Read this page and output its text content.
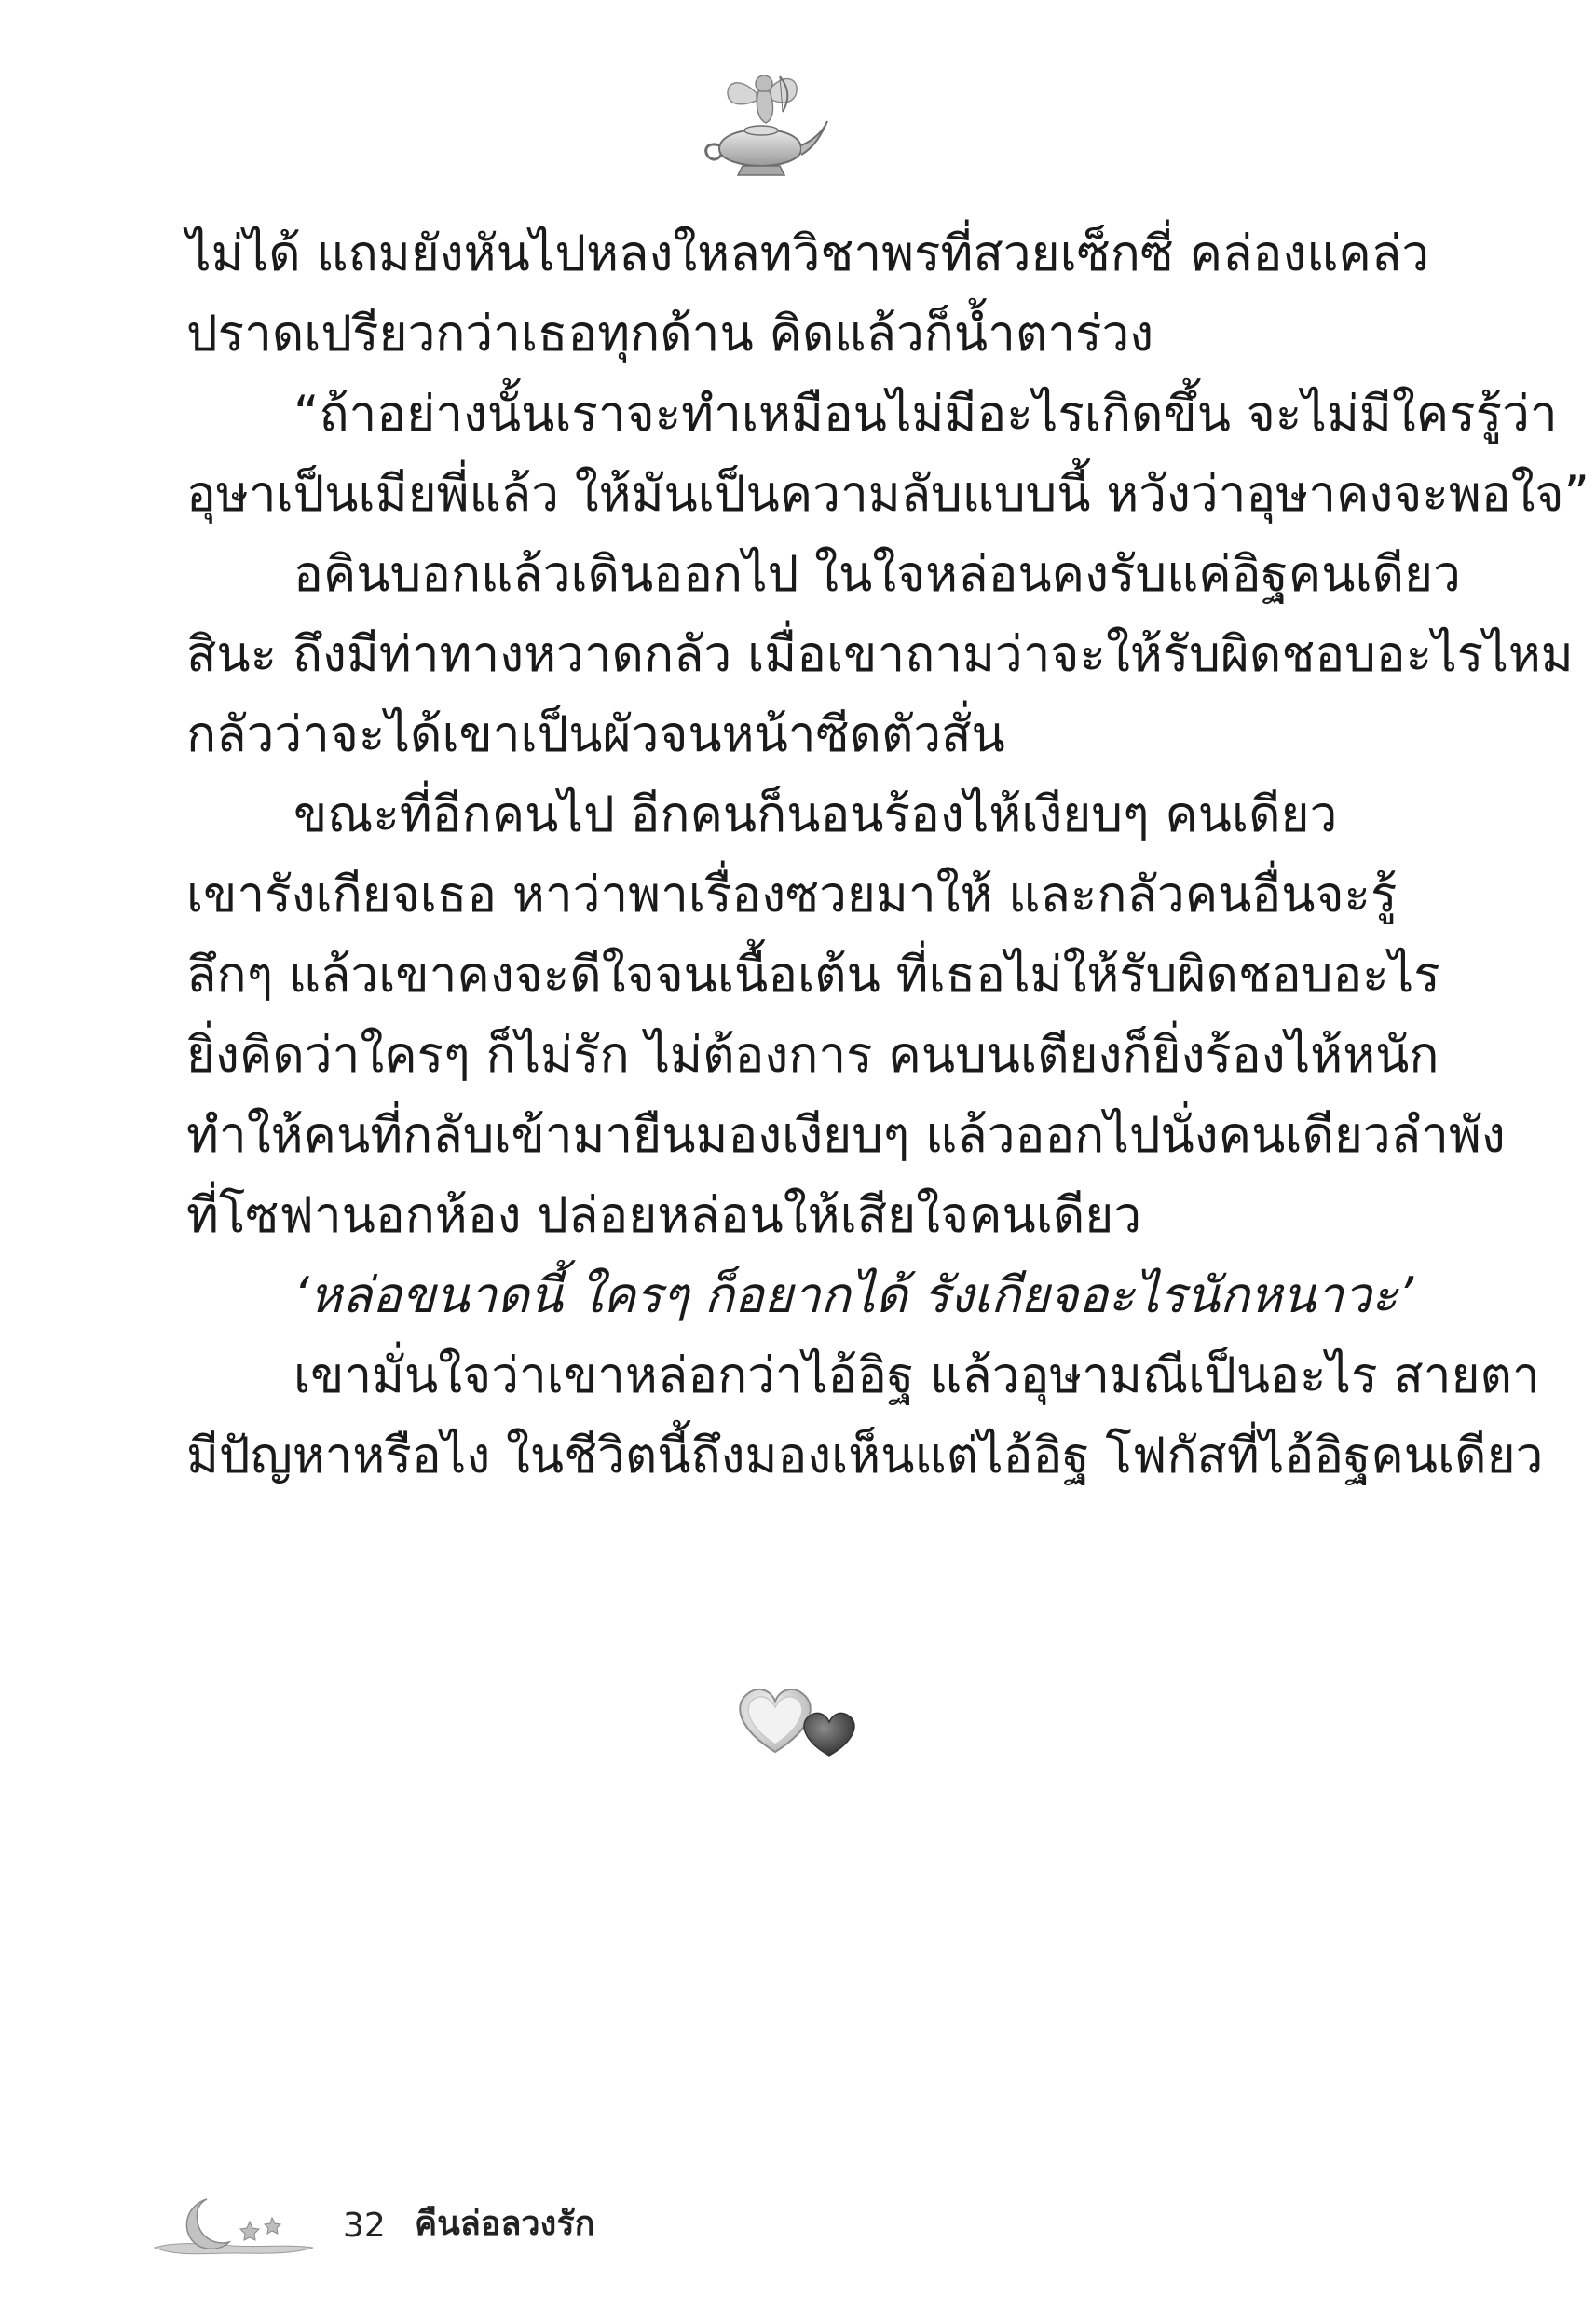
ไม่ได้ แถมยังหันไปหลงใหลทวิชาพรที่สวยเซ็กซี่ คล่องแคล่ว
ปราดเปรียวกว่าเธอทุกด้าน คิดแล้วก็น้ำตาร่วง
“ถ้าอย่างนั้นเราจะทำเหมือนไม่มีอะไรเกิดขึ้น จะไม่มีใครรู้ว่า
อุษาเป็นเมียพี่แล้ว ให้มันเป็นความลับแบบนี้ หวังว่าอุษาคงจะพอใจ”
อคินบอกแล้วเดินออกไป ในใจหล่อนคงรับแค่อิฐคนเดียว
สินะ ถึงมีท่าทางหวาดกลัว เมื่อเขาถามว่าจะให้รับผิดชอบอะไรไหม
กลัวว่าจะได้เขาเป็นผัวจนหน้าซีดตัวสั่น
ขณะที่อีกคนไป อีกคนก็นอนร้องไห้เงียบๆ คนเดียว
เขารังเกียจเธอ หาว่าพาเรื่องซวยมาให้ และกลัวคนอื่นจะรู้
ลึกๆ แล้วเขาคงจะดีใจจนเนื้อเต้น ที่เธอไม่ให้รับผิดชอบอะไร
ยิ่งคิดว่าใครๆ ก็ไม่รัก ไม่ต้องการ คนบนเตียงก็ยิ่งร้องไห้หนัก
ทำให้คนที่กลับเข้ามายืนมองเงียบๆ แล้วออกไปนั่งคนเดียวลำพัง
ที่โซฟานอกห้อง ปล่อยหล่อนให้เสียใจคนเดียว
‘หล่อขนาดนี้ ใครๆ ก็อยากได้ รังเกียจอะไรนักหนาวะ’
เขามั่นใจว่าเขาหล่อกว่าไอ้อิฐ แล้วอุษามณีเป็นอะไร สายตา
มีปัญหาหรือไง ในชีวิตนี้ถึงมองเห็นแต่ไอ้อิฐ โฟกัสที่ไอ้อิฐคนเดียว
32 คืนล่อลวงรัก
